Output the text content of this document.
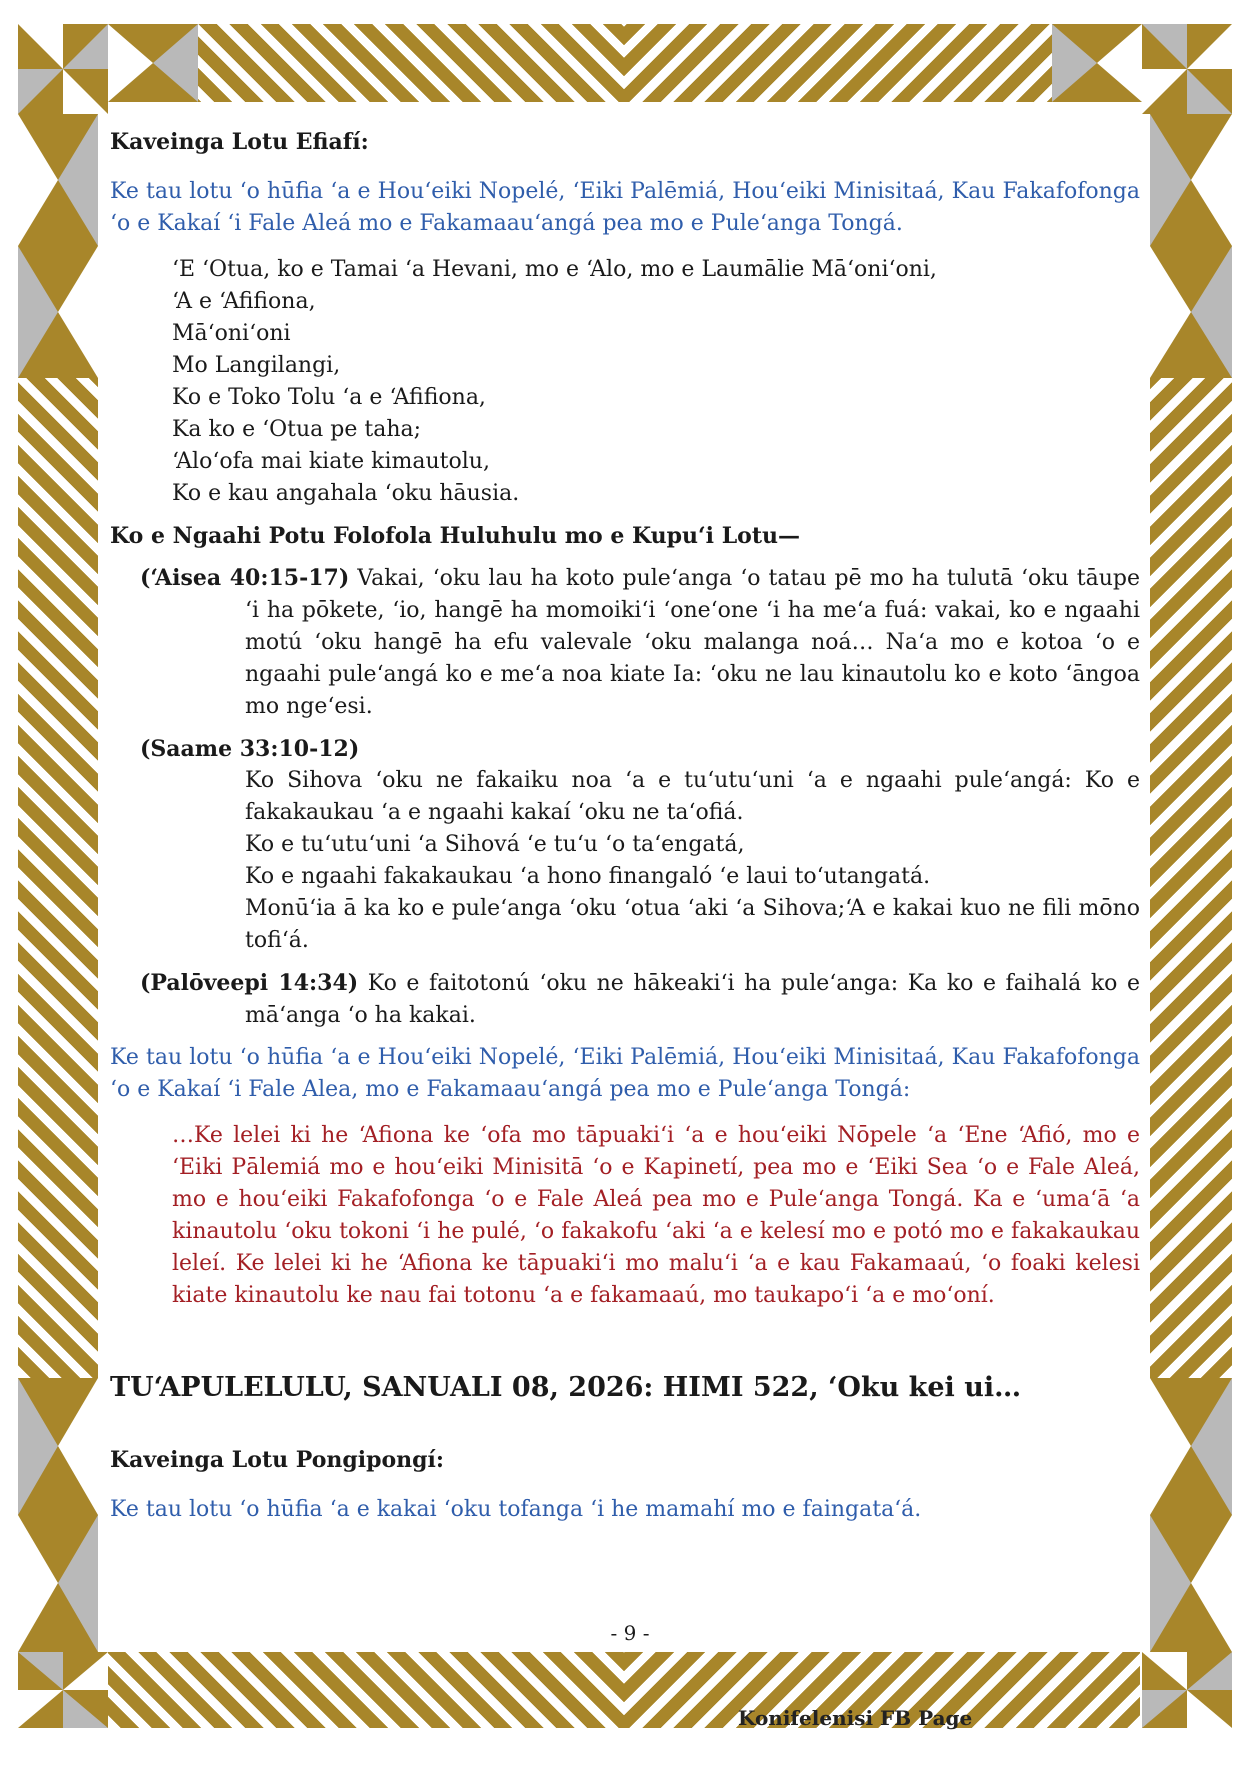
Kaveinga Lotu Efiafí:
Ke tau lotu ʻo hūfia ʻa e Houʻeiki Nopelé, ʻEiki Palēmiá, Houʻeiki Minisitaá, Kau Fakafofonga ʻo e Kakaí ʻi Fale Aleá mo e Fakamaauʻangá pea mo e Puleʻanga Tongá.
ʻE ʻOtua, ko e Tamai ʻa Hevani, mo e ʻAlo, mo e Laumālie Māʻoniʻoni,
ʻA e ʻAfifiona,
Māʻoniʻoni
Mo Langilangi,
Ko e Toko Tolu ʻa e ʻAfifiona,
Ka ko e ʻOtua pe taha;
ʻAloʻofa mai kiate kimautolu,
Ko e kau angahala ʻoku hāusia.
Ko e Ngaahi Potu Folofola Huluhulu mo e Kupuʻi Lotu—
(ʻAisea 40:15-17) Vakai, ʻoku lau ha koto puleʻanga ʻo tatau pē mo ha tulutā ʻoku tāupe ʻi ha pōkete, ʻio, hangē ha momoikiʻi ʻoneʻone ʻi ha meʻa fuá: vakai, ko e ngaahi motú ʻoku hangē ha efu valevale ʻoku malanga noá… Naʻa mo e kotoa ʻo e ngaahi puleʻangá ko e meʻa noa kiate Ia: ʻoku ne lau kinautolu ko e koto ʻāngoa mo ngeʻesi.
(Saame 33:10-12)
Ko Sihova ʻoku ne fakaiku noa ʻa e tuʻutuʻuni ʻa e ngaahi puleʻangá: Ko e fakakaukau ʻa e ngaahi kakaí ʻoku ne taʻofiá.
Ko e tuʻutuʻuni ʻa Sihová ʻe tuʻu ʻo taʻengatá,
Ko e ngaahi fakakaukau ʻa hono finangaló ʻe laui toʻutangatá.
Monūʻia ā ka ko e puleʻanga ʻoku ʻotua ʻaki ʻa Sihova;ʻA e kakai kuo ne fili mōno tofiʻá.
(Palōveepi 14:34) Ko e faitotonú ʻoku ne hākeakiʻi ha puleʻanga: Ka ko e faihalá ko e māʻanga ʻo ha kakai.
Ke tau lotu ʻo hūfia ʻa e Houʻeiki Nopelé, ʻEiki Palēmiá, Houʻeiki Minisitaá, Kau Fakafofonga ʻo e Kakaí ʻi Fale Alea, mo e Fakamaauʻangá pea mo e Puleʻanga Tongá:
…Ke lelei ki he ʻAfiona ke ʻofa mo tāpuakiʻi ʻa e houʻeiki Nōpele ʻa ʻEne ʻAfió, mo e ʻEiki Pālemiá mo e houʻeiki Minisitā ʻo e Kapinetí, pea mo e ʻEiki Sea ʻo e Fale Aleá, mo e houʻeiki Fakafofonga ʻo e Fale Aleá pea mo e Puleʻanga Tongá. Ka e ʻumaʻā ʻa kinautolu ʻoku tokoni ʻi he pulé, ʻo fakakofu ʻaki ʻa e kelesí mo e potó mo e fakakaukau leleí. Ke lelei ki he ʻAfiona ke tāpuakiʻi mo maluʻi ʻa e kau Fakamaaú, ʻo foaki kelesi kiate kinautolu ke nau fai totonu ʻa e fakamaaú, mo taukapoʻi ʻa e moʻoní.
TUʻAPULELULU, SANUALI 08, 2026: HIMI 522, ʻOku kei ui…
Kaveinga Lotu Pongipongí:
Ke tau lotu ʻo hūfia ʻa e kakai ʻoku tofanga ʻi he mamahí mo e faingataʻá.
- 9 -
Konifelenisi FB Page
